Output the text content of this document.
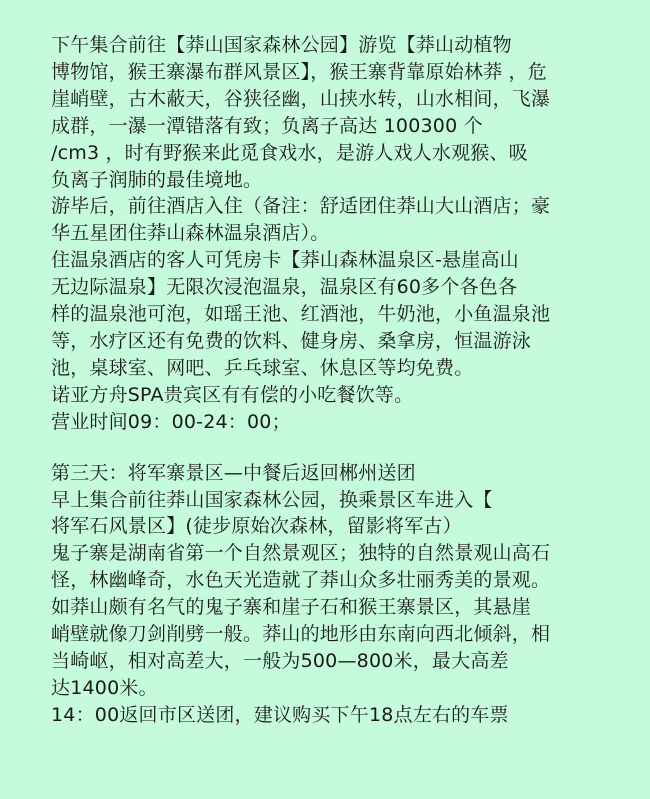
下午集合前往【莽山国家森林公园】游览【莽山动植物
博物馆，猴王寨瀑布群风景区】，猴王寨背靠原始林莽 ，危
崖峭壁，古木蔽天，谷狭径幽，山挟水转，山水相间，飞瀑
成群，一瀑一潭错落有致；负离子高达 100300 个
/cm3 ，时有野猴来此觅食戏水，是游人戏人水观猴、吸
负离子润肺的最佳境地。

游毕后，前往酒店入住（备注：舒适团住莽山大山酒店；豪
华五星团住莽山森林温泉酒店）。

住温泉酒店的客人可凭房卡【莽山森林温泉区-悬崖高山
无边际温泉】无限次浸泡温泉，温泉区有60多个各色各
样的温泉池可泡，如瑶王池、红酒池，牛奶池，小鱼温泉池
等，水疗区还有免费的饮料、健身房、桑拿房，恒温游泳
池，桌球室、网吧、乒乓球室、休息区等均免费。

诺亚方舟SPA贵宾区有有偿的小吃餐饮等。

营业时间09：00-24：00；

第三天：将军寨景区—中餐后返回郴州送团

早上集合前往莽山国家森林公园，换乘景区车进入【
将军石风景区】(徒步原始次森林，留影将军古）

鬼子寨是湖南省第一个自然景观区；独特的自然景观山高石
怪，林幽峰奇，水色天光造就了莽山众多壮丽秀美的景观。
如莽山颇有名气的鬼子寨和崖子石和猴王寨景区，其悬崖
峭壁就像刀剑削劈一般。莽山的地形由东南向西北倾斜，相
当崎岖，相对高差大，一般为500—800米，最大高差
达1400米。

14：00返回市区送团，建议购买下午18点左右的车票
